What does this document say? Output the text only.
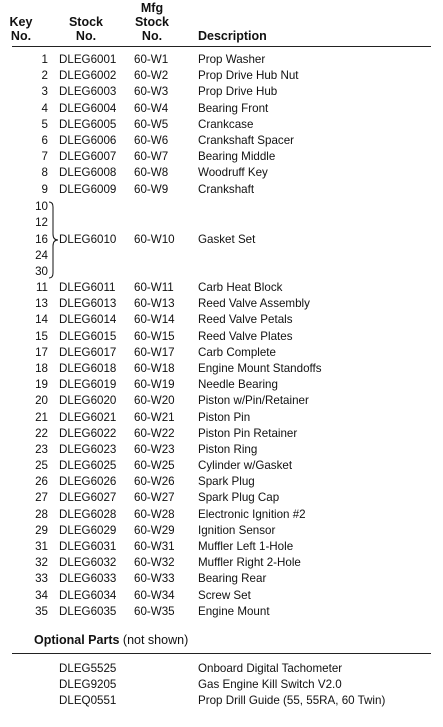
Key
No.
Stock
No.
Mfg
Stock
No.	Description
1
2
3
4
5
6
7
8
9
DLEG6001
DLEG6002
DLEG6003
DLEG6004
DLEG6005
DLEG6006
DLEG6007
DLEG6008
DLEG6009
60-W1
60-W2
60-W3
60-W4
60-W5
60-W6
60-W7
60-W8
60-W9
Prop Washer
Prop Drive Hub Nut
Prop Drive Hub
Bearing Front
Crankcase
Crankshaft Spacer
Bearing Middle
Woodruff Key
Crankshaft
10
12
16
24
30
DLEG6010 60-W10 Gasket Set
11
13
14
15
17
18
19
20
21
22
23
25
26
27
28
29
31
32
33
34
35
DLEG6011
DLEG6013
DLEG6014
DLEG6015
DLEG6017
DLEG6018
DLEG6019
DLEG6020
DLEG6021
DLEG6022
DLEG6023
DLEG6025
DLEG6026
DLEG6027
DLEG6028
DLEG6029
DLEG6031
DLEG6032
DLEG6033
DLEG6034
DLEG6035
60-W11
60-W13
60-W14
60-W15
60-W17
60-W18
60-W19
60-W20
60-W21
60-W22
60-W23
60-W25
60-W26
60-W27
60-W28
60-W29
60-W31
60-W32
60-W33
60-W34
60-W35
Carb Heat Block
Reed Valve Assembly
Reed Valve Petals
Reed Valve Plates
Carb Complete
Engine Mount Standoffs
Needle Bearing
Piston w/Pin/Retainer
Piston Pin
Piston Pin Retainer
Piston Ring
Cylinder w/Gasket
Spark Plug
Spark Plug Cap
Electronic Ignition #2
Ignition Sensor
Muffler Left 1-Hole
Muffler Right 2-Hole
Bearing Rear
Screw Set
Engine Mount
Optional Parts (not shown)
DLEG5525
DLEG9205
DLEQ0551
Onboard Digital Tachometer
Gas Engine Kill Switch V2.0
Prop Drill Guide (55, 55RA, 60 Twin)
